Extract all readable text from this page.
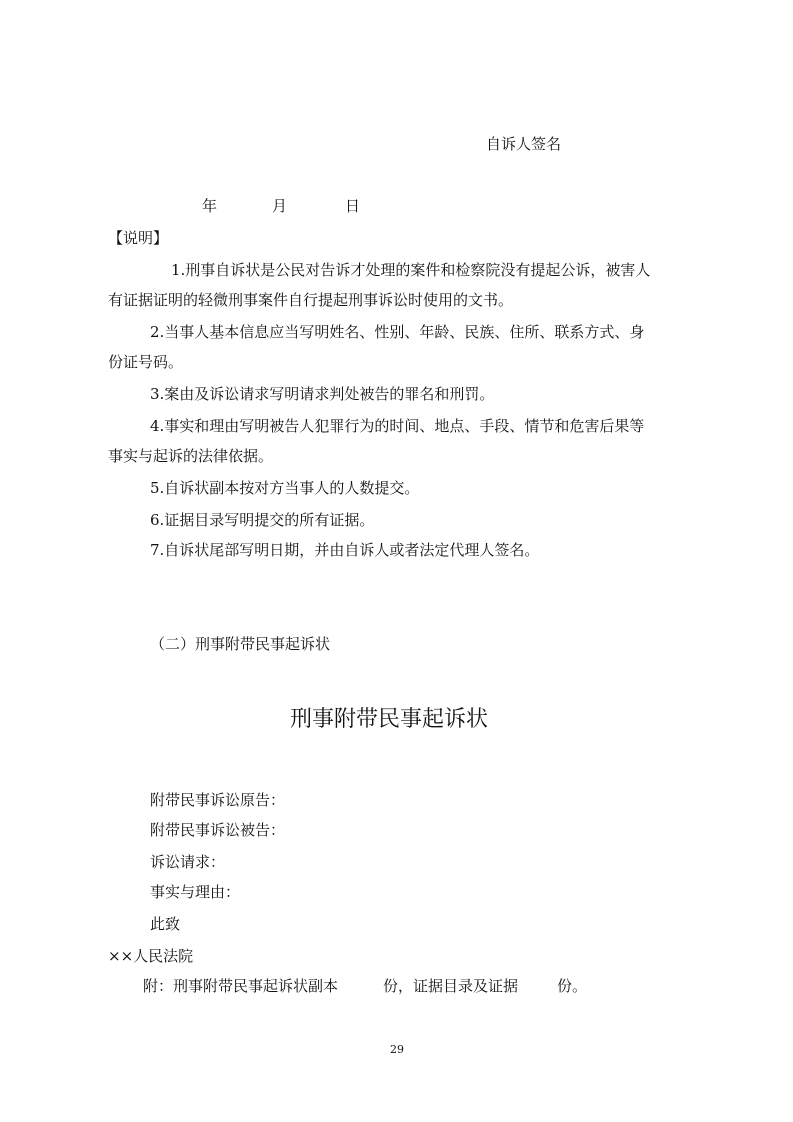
自诉人签名
年	月	日
【说明】
1.刑事自诉状是公民对告诉才处理的案件和检察院没有提起公诉，被害人
有证据证明的轻微刑事案件自行提起刑事诉讼时使用的文书。
2.当事人基本信息应当写明姓名、性别、年龄、民族、住所、联系方式、身
份证号码。
3.案由及诉讼请求写明请求判处被告的罪名和刑罚。
4.事实和理由写明被告人犯罪行为的时间、地点、手段、情节和危害后果等
事实与起诉的法律依据。
5.自诉状副本按对方当事人的人数提交。
6.证据目录写明提交的所有证据。
7.自诉状尾部写明日期，并由自诉人或者法定代理人签名。
（二）刑事附带民事起诉状
刑事附带民事起诉状
附带民事诉讼原告：
附带民事诉讼被告：
诉讼请求：
事实与理由：
此致
××人民法院
附：刑事附带民事起诉状副本	份，证据目录及证据	份。
29
